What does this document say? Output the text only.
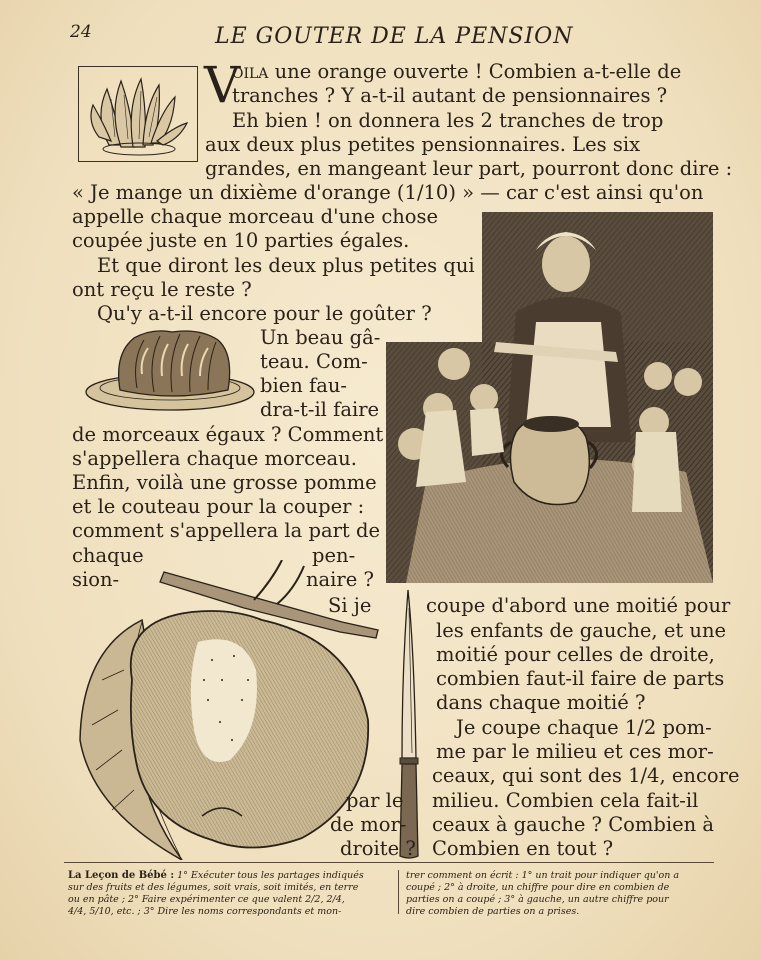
24	LE GOUTER DE LA PENSION
V
oila une orange ouverte ! Combien a-t-elle de
tranches ? Y a-t-il autant de pensionnaires ?
Eh bien ! on donnera les 2 tranches de trop
aux deux plus petites pensionnaires. Les six
grandes, en mangeant leur part, pourront donc dire :
« Je mange un dixième d'orange (1/10) » — car c'est ainsi qu'on
appelle chaque morceau d'une chose
coupée juste en 10 parties égales.
Et que diront les deux plus petites qui
ont reçu le reste ?
Qu'y a-t-il encore pour le goûter ?
Un beau gâ-
teau. Com-
bien fau-
dra-t-il faire
de morceaux égaux ? Comment
s'appellera chaque morceau.
Enfin, voilà une grosse pomme
et le couteau pour la couper :
comment s'appellera la part de
chaque	pen-
sion-	naire ?
Si je	coupe d'abord une moitié pour
les enfants de gauche, et une
moitié pour celles de droite,
combien faut-il faire de parts
dans chaque moitié ?
Je coupe chaque 1/2 pom-
me par le milieu et ces mor-
ceaux, qui sont des 1/4, encore
milieu. Combien cela fait-il
ceaux à gauche ? Combien à
Combien en tout ?
par le
de mor-
droite ?
La Leçon de Bébé : 1° Exécuter tous les partages indiqués
sur des fruits et des légumes, soit vrais, soit imités, en terre
ou en pâte ; 2° Faire expérimenter ce que valent 2/2, 2/4,
4/4, 5/10, etc. ; 3° Dire les noms correspondants et mon-
trer comment on écrit : 1° un trait pour indiquer qu'on a
coupé ; 2° à droite, un chiffre pour dire en combien de
parties on a coupé ; 3° à gauche, un autre chiffre pour
dire combien de parties on a prises.
